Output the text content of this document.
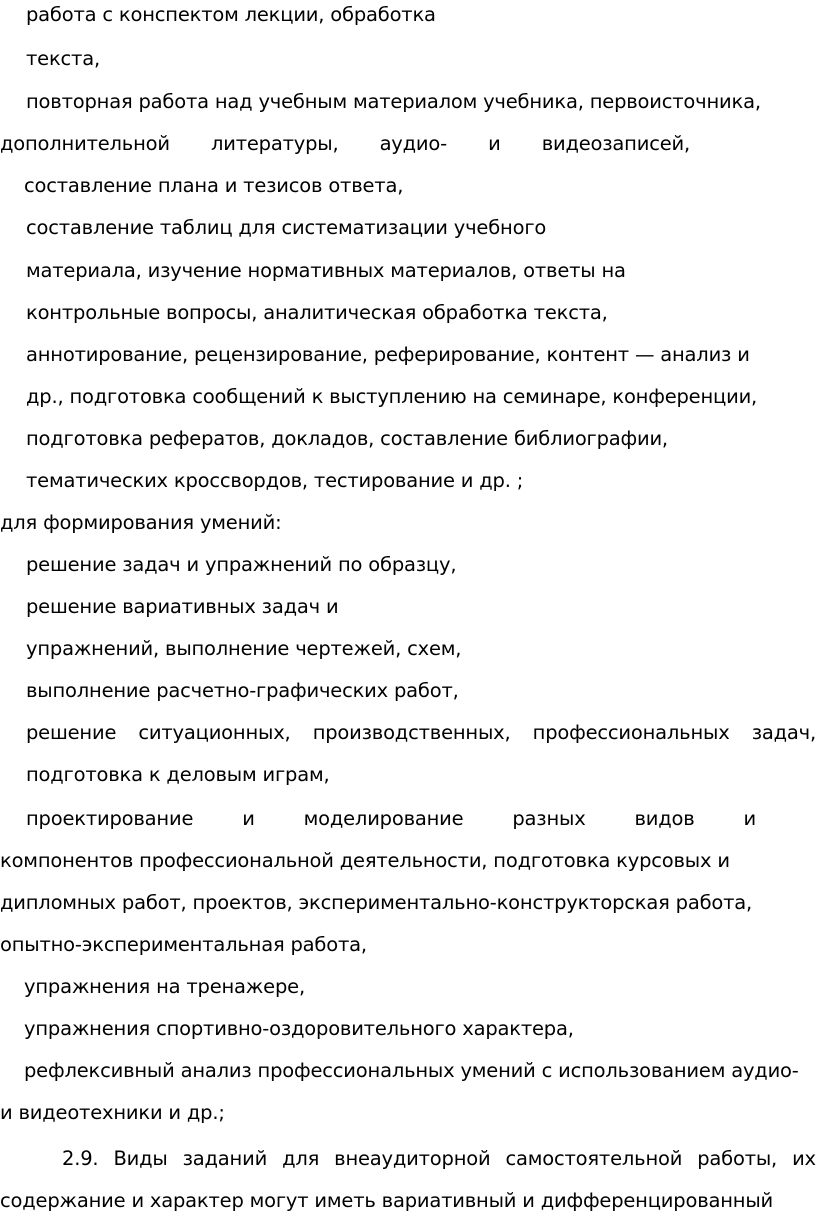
работа с конспектом лекции, обработка

текста,

повторная работа над учебным материалом учебника, первоисточника,

дополнительной литературы, аудио- и видеозаписей,

составление плана и тезисов ответа,

составление таблиц для систематизации учебного

материала, изучение нормативных материалов, ответы на

контрольные вопросы, аналитическая обработка текста,

аннотирование, рецензирование, реферирование, контент — анализ и

др., подготовка сообщений к выступлению на семинаре, конференции,

подготовка рефератов, докладов, составление библиографии,

тематических кроссвордов, тестирование и др. ;

для формирования умений:

решение задач и упражнений по образцу,

решение вариативных задач и

упражнений, выполнение чертежей, схем,

выполнение расчетно-графических работ,

решение ситуационных, производственных, профессиональных задач,

подготовка к деловым играм,

проектирование	и	моделирование	разных	видов	и

компонентов профессиональной деятельности, подготовка курсовых и

дипломных работ, проектов, экспериментально-конструкторская работа,

опытно-экспериментальная работа,

упражнения на тренажере,

упражнения спортивно-оздоровительного характера,

рефлексивный анализ профессиональных умений с использованием аудио-

и видеотехники и др.;

2.9. Виды заданий для внеаудиторной самостоятельной работы, их

содержание и характер могут иметь вариативный и дифференцированный
